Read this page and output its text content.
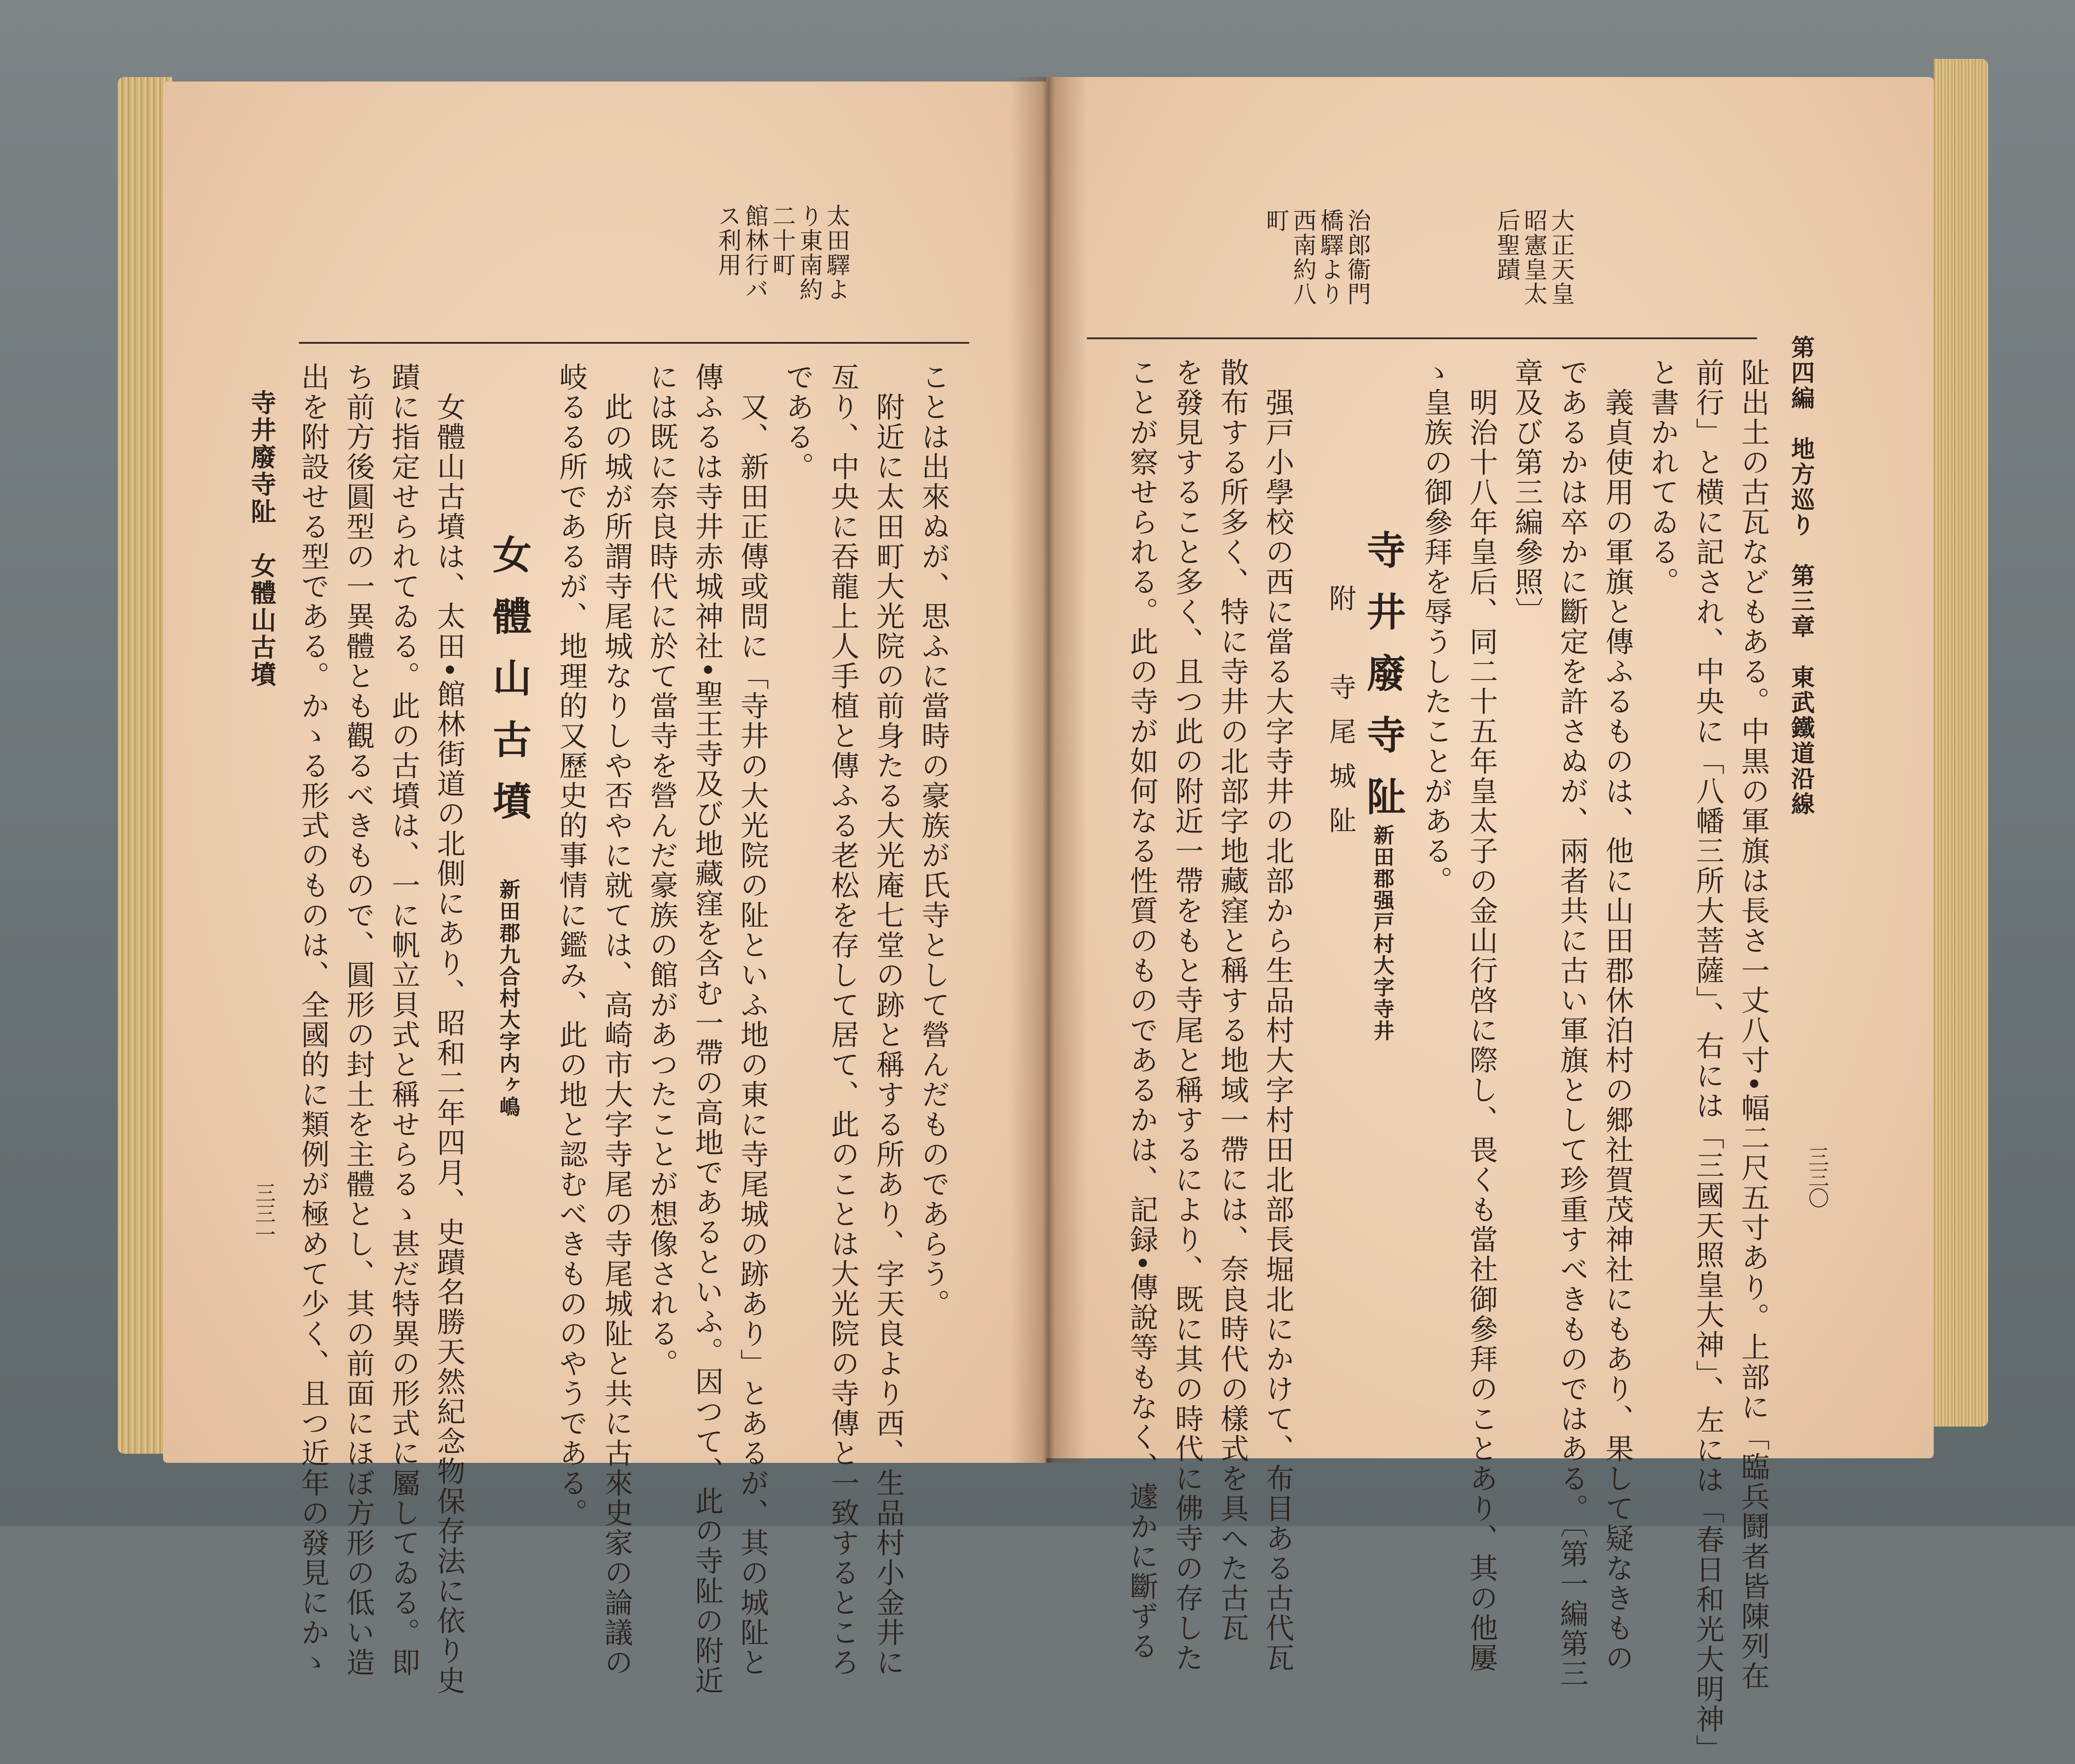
太田驛よ
り東南約
二十町
館林行バ
ス利用
ことは出來ぬが、思ふに當時の豪族が氏寺として營んだものであらう。
　附近に太田町大光院の前身たる大光庵七堂の跡と稱する所あり、字天良より西、生品村小金井に
亙り、中央に吞龍上人手植と傳ふる老松を存して居て、此のことは大光院の寺傳と一致するところ
である。
　又、新田正傳或問に「寺井の大光院の阯といふ地の東に寺尾城の跡あり」とあるが、其の城阯と
傳ふるは寺井赤城神社•聖王寺及び地藏窪を含む一帶の高地であるといふ。因つて、此の寺阯の附近
には既に奈良時代に於て當寺を營んだ豪族の館があつたことが想像される。
　此の城が所謂寺尾城なりしや否やに就ては、高崎市大字寺尾の寺尾城阯と共に古來史家の論議の
岐るる所であるが、地理的又歷史的事情に鑑み、此の地と認むべきもののやうである。
女體山古墳
新田郡九合村大字内ヶ嶋
　女體山古墳は、太田•館林街道の北側にあり、昭和二年四月、史蹟名勝天然紀念物保存法に依り史
蹟に指定せられてゐる。此の古墳は、一に帆立貝式と稱せらるゝ甚だ特異の形式に屬してゐる。即
ち前方後圓型の一異體とも觀るべきもので、圓形の封土を主體とし、其の前面にほぼ方形の低い造
出を附設せる型である。かゝる形式のものは、全國的に類例が極めて少く、且つ近年の發見にかゝ
寺井廢寺阯　女體山古墳
三三一
第四編　地方巡り　第三章　東武鐵道沿線
三三〇
大正天皇
昭憲皇太
后聖蹟
治郎衞門
橋驛より
西南約八
町
阯出土の古瓦などもある。中黒の軍旗は長さ一丈八寸•幅二尺五寸あり。上部に「臨兵鬪者皆陳列在
前行」と横に記され、中央に「八幡三所大菩薩」、右には「三國天照皇大神」、左には「春日和光大明神」
と書かれてゐる。
　義貞使用の軍旗と傳ふるものは、他に山田郡休泊村の郷社賀茂神社にもあり、果して疑なきもの
であるかは卒かに斷定を許さぬが、兩者共に古い軍旗として珍重すべきものではある。〔第一編第三
章及び第三編參照〕
　明治十八年皇后、同二十五年皇太子の金山行啓に際し、畏くも當社御參拜のことあり、其の他屢
ゝ皇族の御參拜を辱うしたことがある。
寺井廢寺阯
附　寺尾城阯
新田郡强戸村大字寺井
　强戸小學校の西に當る大字寺井の北部から生品村大字村田北部長堀北にかけて、布目ある古代瓦
散布する所多く、特に寺井の北部字地藏窪と稱する地域一帶には、奈良時代の樣式を具へた古瓦
を發見すること多く、且つ此の附近一帶をもと寺尾と稱するにより、既に其の時代に佛寺の存した
ことが察せられる。此の寺が如何なる性質のものであるかは、記録•傳說等もなく、遽かに斷ずる
